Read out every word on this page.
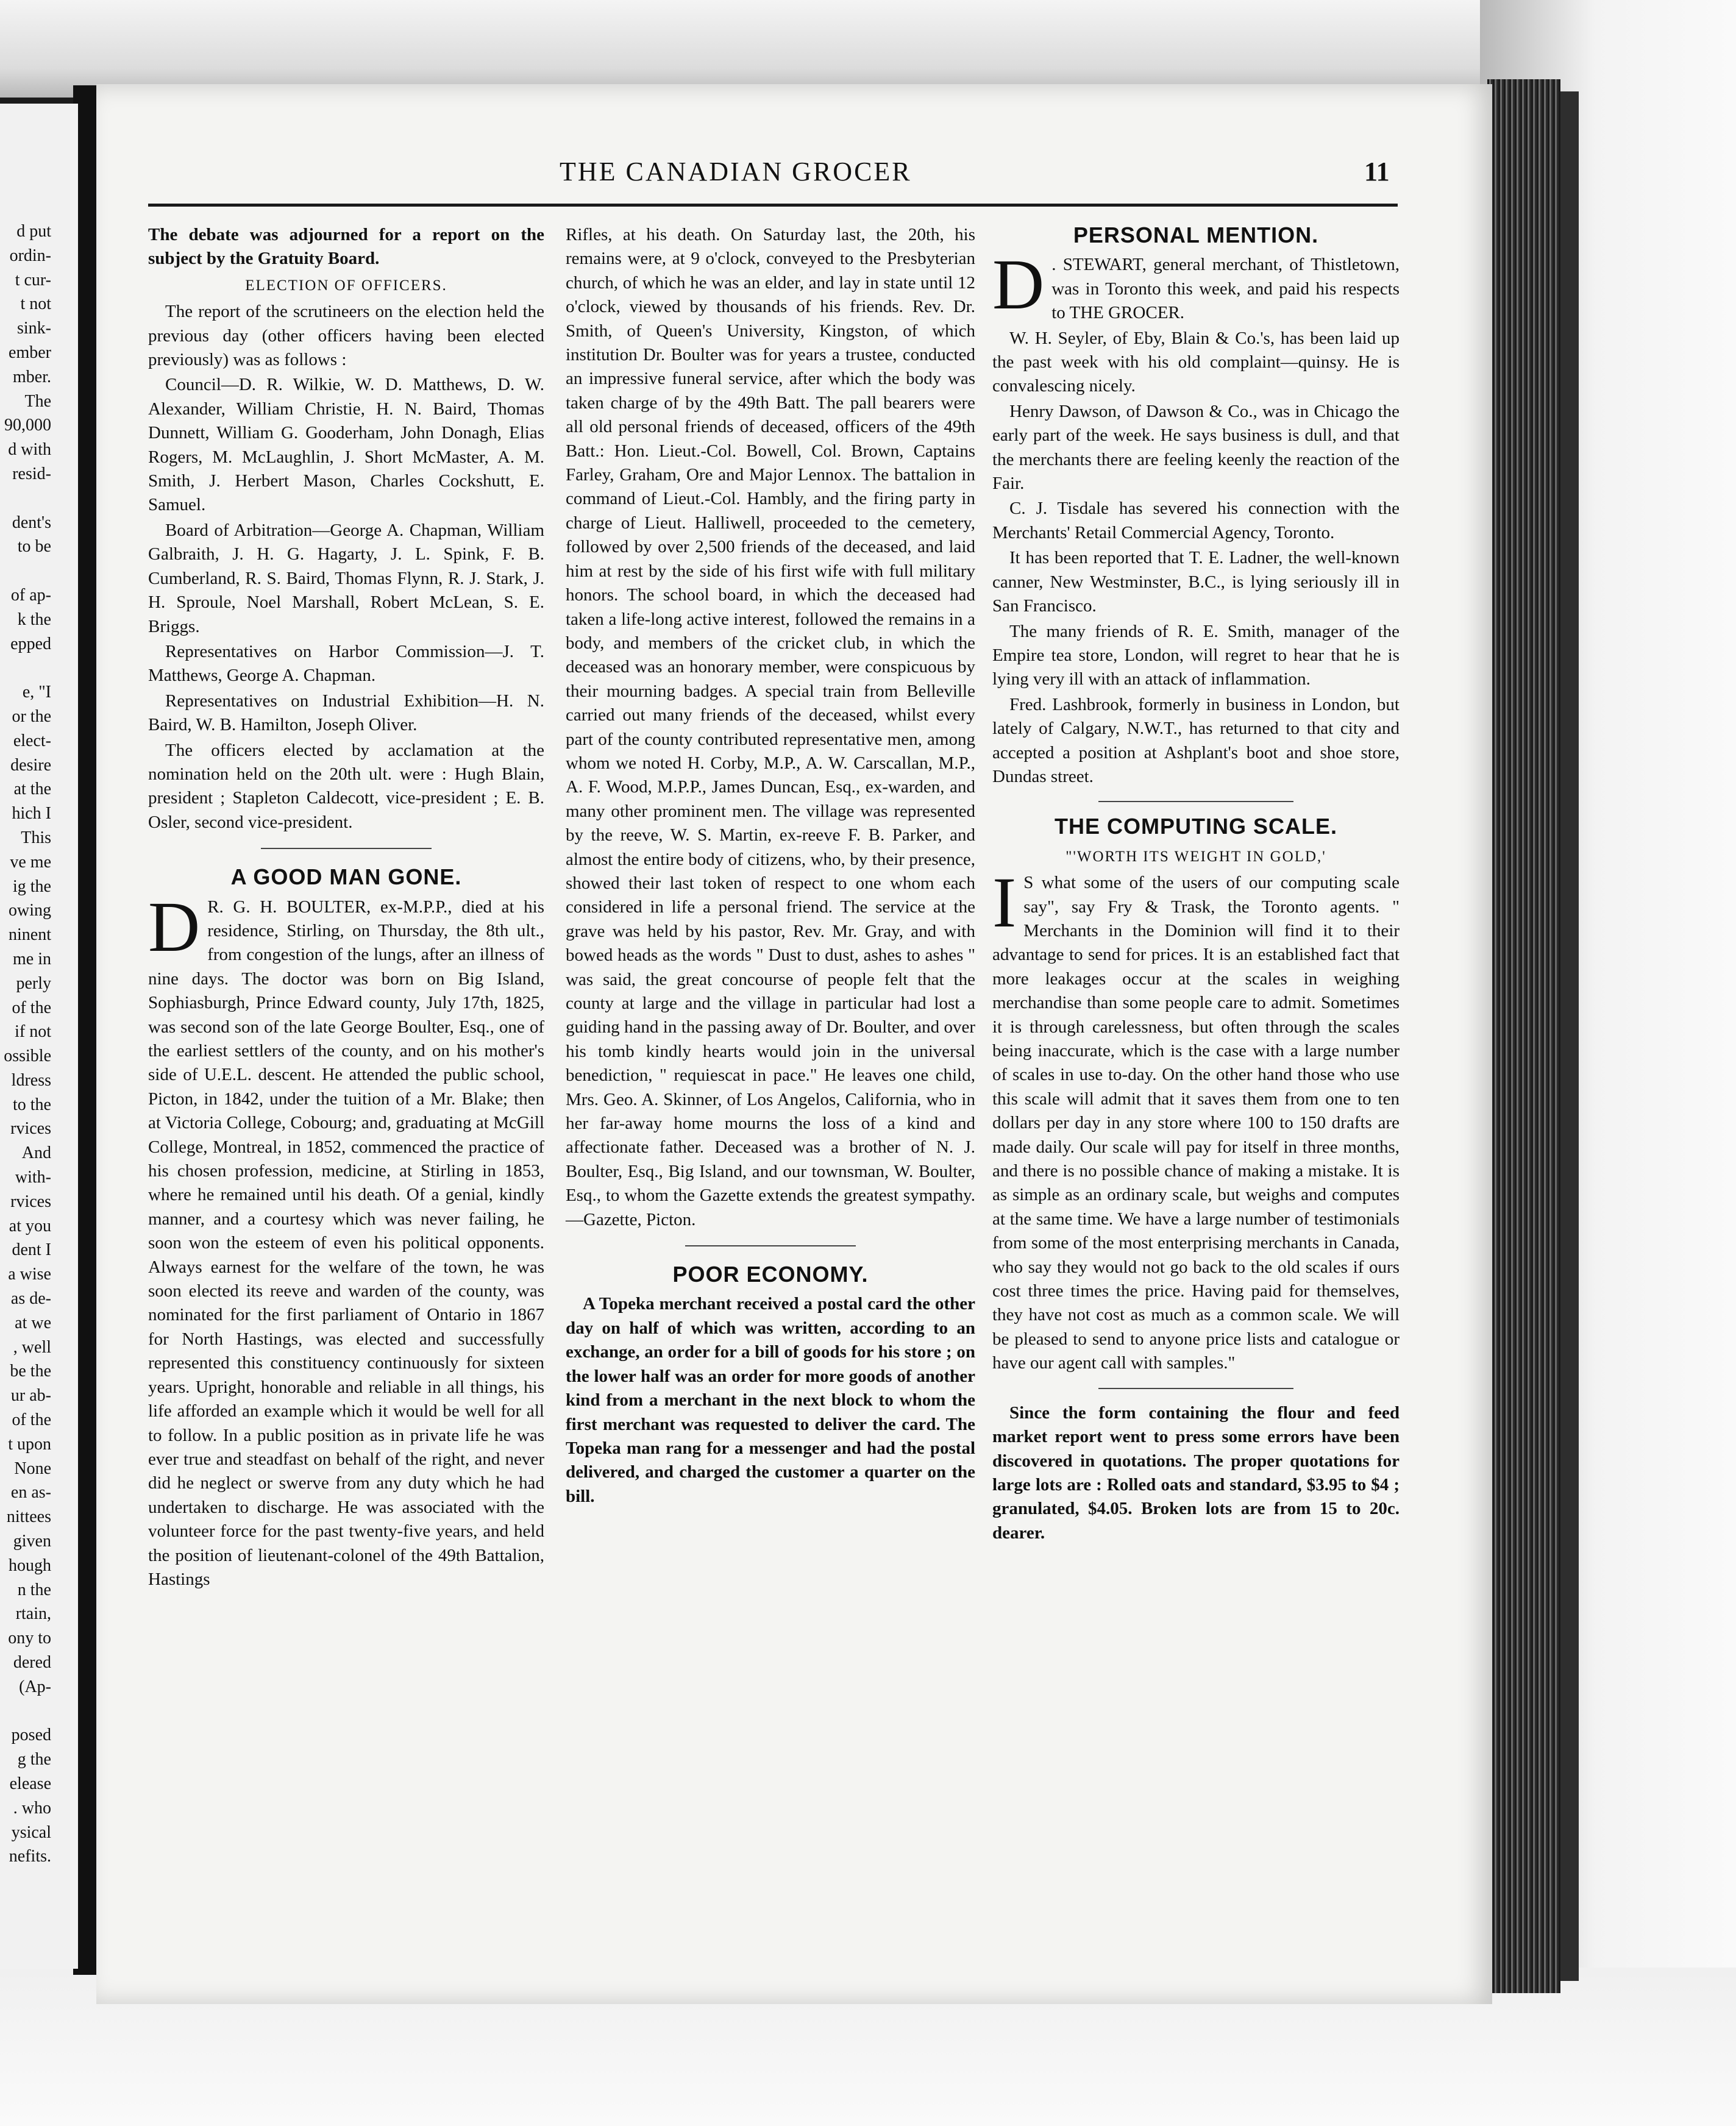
d put
ordin-
t cur-
t not
sink-
ember
mber.
The
90,000
d with
resid-
dent's
to be
of ap-
k the
epped
e, "I
or the
elect-
desire
at the
hich I
This
ve me
ig the
owing
ninent
me in
perly
of the
if not
ossible
ldress
to the
rvices
And
with-
rvices
at you
dent I
a wise
as de-
at we
, well
be the
ur ab-
of the
t upon
None
en as-
nittees
given
hough
n the
rtain,
ony to
dered
(Ap-
posed
g the
elease
. who
ysical
nefits.
THE CANADIAN GROCER	11

The debate was adjourned for a report on the subject by the Gratuity Board.

ELECTION OF OFFICERS.

The report of the scrutineers on the election held the previous day (other officers having been elected previously) was as follows :

Council—D. R. Wilkie, W. D. Matthews, D. W. Alexander, William Christie, H. N. Baird, Thomas Dunnett, William G. Gooderham, John Donagh, Elias Rogers, M. McLaughlin, J. Short McMaster, A. M. Smith, J. Herbert Mason, Charles Cockshutt, E. Samuel.

Board of Arbitration—George A. Chapman, William Galbraith, J. H. G. Hagarty, J. L. Spink, F. B. Cumberland, R. S. Baird, Thomas Flynn, R. J. Stark, J. H. Sproule, Noel Marshall, Robert McLean, S. E. Briggs.

Representatives on Harbor Commission—J. T. Matthews, George A. Chapman.

Representatives on Industrial Exhibition—H. N. Baird, W. B. Hamilton, Joseph Oliver.

The officers elected by acclamation at the nomination held on the 20th ult. were : Hugh Blain, president ; Stapleton Caldecott, vice-president ; E. B. Osler, second vice-president.

A GOOD MAN GONE.

D R. G. H. BOULTER, ex-M.P.P., died at his residence, Stirling, on Thursday, the 8th ult., from congestion of the lungs, after an illness of nine days. The doctor was born on Big Island, Sophiasburgh, Prince Edward county, July 17th, 1825, was second son of the late George Boulter, Esq., one of the earliest settlers of the county, and on his mother's side of U.E.L. descent. He attended the public school, Picton, in 1842, under the tuition of a Mr. Blake; then at Victoria College, Cobourg; and, graduating at McGill College, Montreal, in 1852, commenced the practice of his chosen profession, medicine, at Stirling in 1853, where he remained until his death. Of a genial, kindly manner, and a courtesy which was never failing, he soon won the esteem of even his political opponents. Always earnest for the welfare of the town, he was soon elected its reeve and warden of the county, was nominated for the first parliament of Ontario in 1867 for North Hastings, was elected and successfully represented this constituency continuously for sixteen years. Upright, honorable and reliable in all things, his life afforded an example which it would be well for all to follow. In a public position as in private life he was ever true and steadfast on behalf of the right, and never did he neglect or swerve from any duty which he had undertaken to discharge. He was associated with the volunteer force for the past twenty-five years, and held the position of lieutenant-colonel of the 49th Battalion, Hastings

Rifles, at his death. On Saturday last, the 20th, his remains were, at 9 o'clock, conveyed to the Presbyterian church, of which he was an elder, and lay in state until 12 o'clock, viewed by thousands of his friends. Rev. Dr. Smith, of Queen's University, Kingston, of which institution Dr. Boulter was for years a trustee, conducted an impressive funeral service, after which the body was taken charge of by the 49th Batt. The pall bearers were all old personal friends of deceased, officers of the 49th Batt.: Hon. Lieut.-Col. Bowell, Col. Brown, Captains Farley, Graham, Ore and Major Lennox. The battalion in command of Lieut.-Col. Hambly, and the firing party in charge of Lieut. Halliwell, proceeded to the cemetery, followed by over 2,500 friends of the deceased, and laid him at rest by the side of his first wife with full military honors. The school board, in which the deceased had taken a life-long active interest, followed the remains in a body, and members of the cricket club, in which the deceased was an honorary member, were conspicuous by their mourning badges. A special train from Belleville carried out many friends of the deceased, whilst every part of the county contributed representative men, among whom we noted H. Corby, M.P., A. W. Carscallan, M.P., A. F. Wood, M.P.P., James Duncan, Esq., ex-warden, and many other prominent men. The village was represented by the reeve, W. S. Martin, ex-reeve F. B. Parker, and almost the entire body of citizens, who, by their presence, showed their last token of respect to one whom each considered in life a personal friend. The service at the grave was held by his pastor, Rev. Mr. Gray, and with bowed heads as the words " Dust to dust, ashes to ashes " was said, the great concourse of people felt that the county at large and the village in particular had lost a guiding hand in the passing away of Dr. Boulter, and over his tomb kindly hearts would join in the universal benediction, " requiescat in pace." He leaves one child, Mrs. Geo. A. Skinner, of Los Angelos, California, who in her far-away home mourns the loss of a kind and affectionate father. Deceased was a brother of N. J. Boulter, Esq., Big Island, and our townsman, W. Boulter, Esq., to whom the Gazette extends the greatest sympathy.—Gazette, Picton.

POOR ECONOMY.

A Topeka merchant received a postal card the other day on half of which was written, according to an exchange, an order for a bill of goods for his store ; on the lower half was an order for more goods of another kind from a merchant in the next block to whom the first merchant was requested to deliver the card. The Topeka man rang for a messenger and had the postal delivered, and charged the customer a quarter on the bill.

PERSONAL MENTION.

D . STEWART, general merchant, of Thistletown, was in Toronto this week, and paid his respects to THE GROCER.

W. H. Seyler, of Eby, Blain & Co.'s, has been laid up the past week with his old complaint—quinsy. He is convalescing nicely.

Henry Dawson, of Dawson & Co., was in Chicago the early part of the week. He says business is dull, and that the merchants there are feeling keenly the reaction of the Fair.

C. J. Tisdale has severed his connection with the Merchants' Retail Commercial Agency, Toronto.

It has been reported that T. E. Ladner, the well-known canner, New Westminster, B.C., is lying seriously ill in San Francisco.

The many friends of R. E. Smith, manager of the Empire tea store, London, will regret to hear that he is lying very ill with an attack of inflammation.

Fred. Lashbrook, formerly in business in London, but lately of Calgary, N.W.T., has returned to that city and accepted a position at Ashplant's boot and shoe store, Dundas street.

THE COMPUTING SCALE.
"'WORTH ITS WEIGHT IN GOLD,'

I S what some of the users of our computing scale say", say Fry & Trask, the Toronto agents. " Merchants in the Dominion will find it to their advantage to send for prices. It is an established fact that more leakages occur at the scales in weighing merchandise than some people care to admit. Sometimes it is through carelessness, but often through the scales being inaccurate, which is the case with a large number of scales in use to-day. On the other hand those who use this scale will admit that it saves them from one to ten dollars per day in any store where 100 to 150 drafts are made daily. Our scale will pay for itself in three months, and there is no possible chance of making a mistake. It is as simple as an ordinary scale, but weighs and computes at the same time. We have a large number of testimonials from some of the most enterprising merchants in Canada, who say they would not go back to the old scales if ours cost three times the price. Having paid for themselves, they have not cost as much as a common scale. We will be pleased to send to anyone price lists and catalogue or have our agent call with samples."

Since the form containing the flour and feed market report went to press some errors have been discovered in quotations. The proper quotations for large lots are : Rolled oats and standard, $3.95 to $4 ; granulated, $4.05. Broken lots are from 15 to 20c. dearer.
